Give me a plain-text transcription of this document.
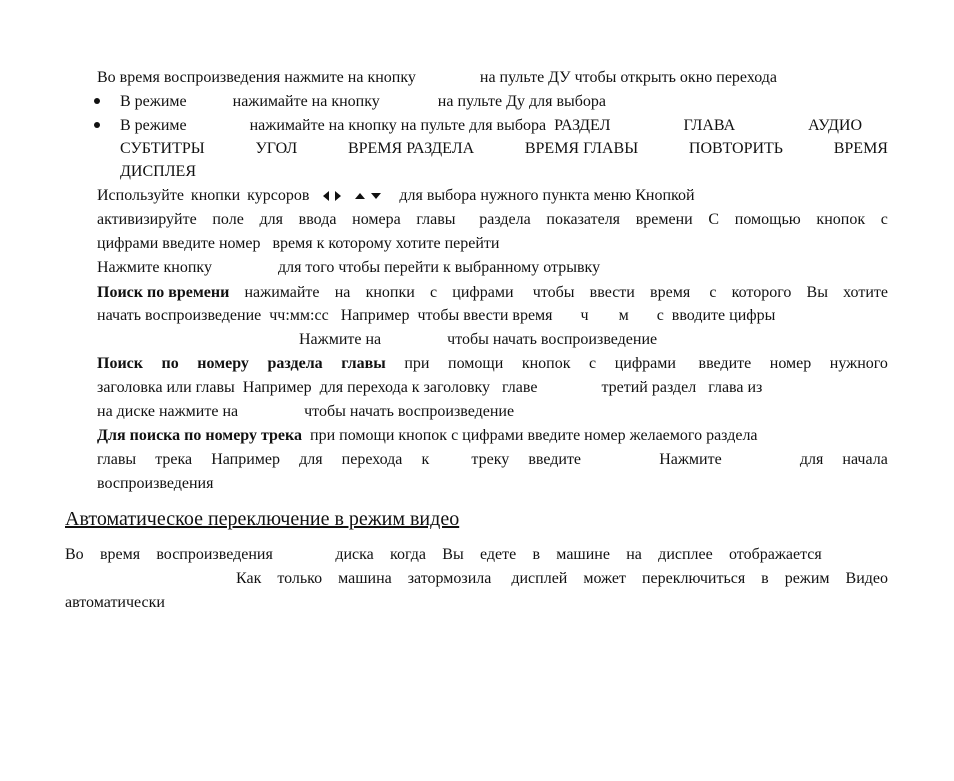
Во время воспроизведения нажмите на кнопку	на пульте ДУ чтобы открыть окно перехода
В режиме	нажимайте на кнопку	на пульте Ду для выбора
В режиме	нажимайте на кнопку на пульте для выбора  РАЗДЕЛ	ГЛАВА	АУДИО
СУБТИТРЫ	УГОЛ	ВРЕМЯ РАЗДЕЛА	ВРЕМЯ ГЛАВЫ	ПОВТОРИТЬ	ВРЕМЯ
ДИСПЛЕЯ
Используйте кнопки курсоров	для выбора нужного пункта меню Кнопкой
активизируйте поле для ввода номера главы раздела показателя времени С помощью кнопок с
цифрами введите номер   время к которому хотите перейти
Нажмите кнопку	для того чтобы перейти к выбранному отрывку
Поиск по времени нажимайте на кнопки с цифрами чтобы ввести время с которого Вы хотите
начать воспроизведение  чч:мм:сс   Например  чтобы ввести время ч м с  вводите цифры
Нажмите на	чтобы начать воспроизведение
Поиск по номеру раздела главы при помощи кнопок с цифрами введите номер нужного
заголовка или главы  Например  для перехода к заголовку   главе	третий раздел   глава из
на диске нажмите на	чтобы начать воспроизведение
Для поиска по номеру трека при помощи кнопок с цифрами введите номер желаемого раздела
главы трека Например для перехода к
	треку введите
	Нажмите
	для начала
воспроизведения
Автоматическое переключение в режим видео
Во время воспроизведения
	диска когда Вы едете в машине на дисплее отображается

Как только машина затормозила дисплей может переключиться в режим Видео
автоматически
